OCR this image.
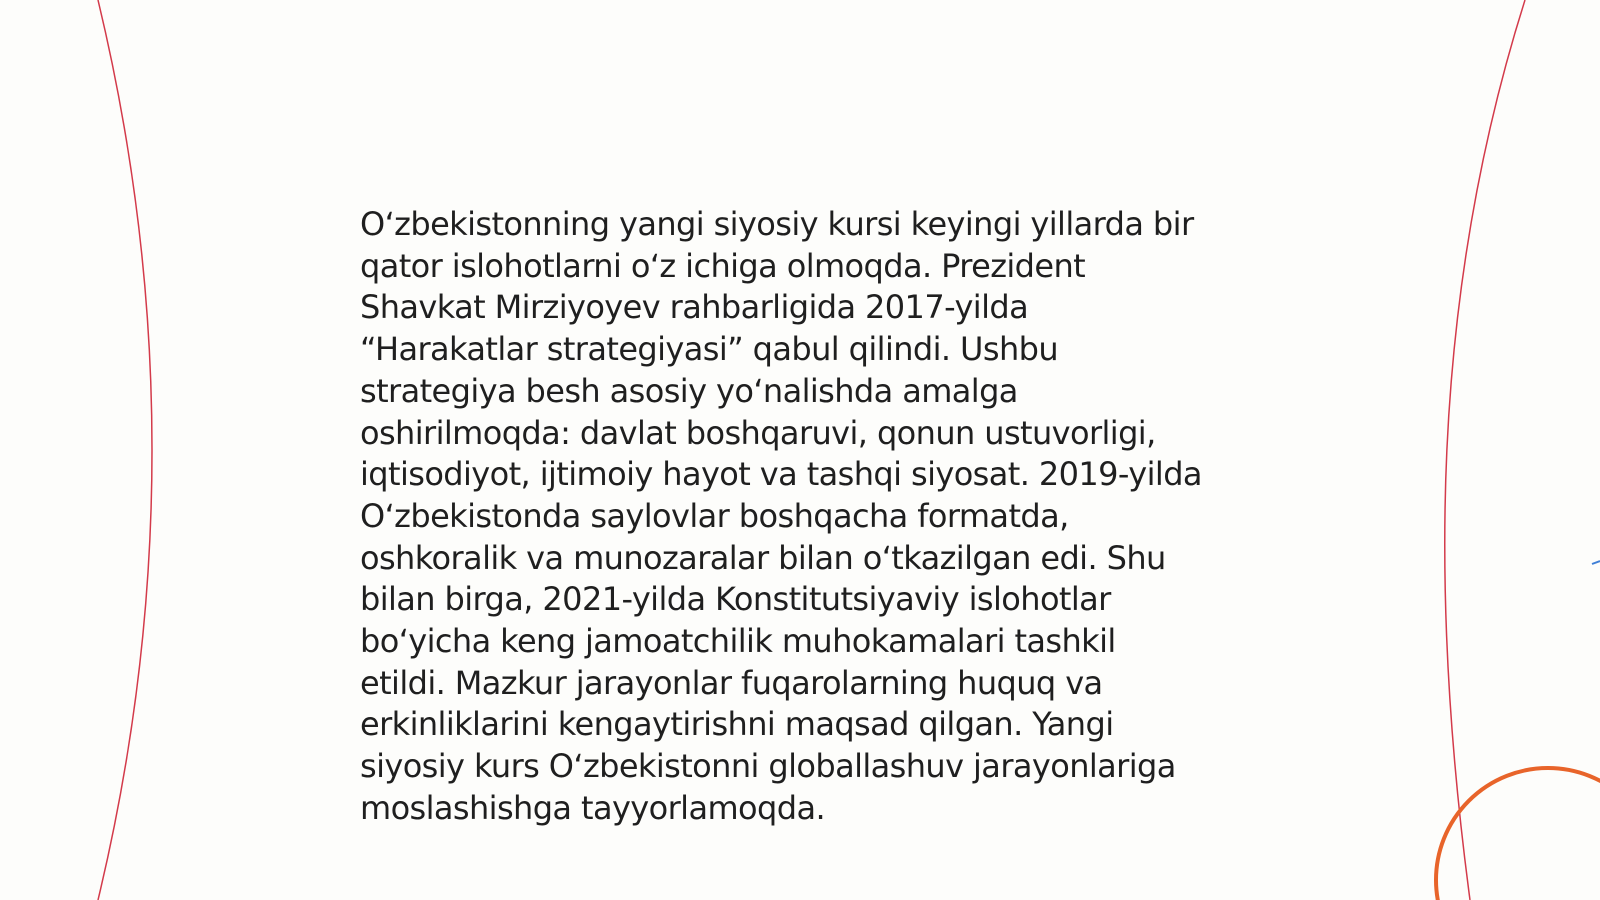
O‘zbekistonning yangi siyosiy kursi keyingi yillarda bir
qator islohotlarni o‘z ichiga olmoqda. Prezident
Shavkat Mirziyoyev rahbarligida 2017-yilda
“Harakatlar strategiyasi” qabul qilindi. Ushbu
strategiya besh asosiy yo‘nalishda amalga
oshirilmoqda: davlat boshqaruvi, qonun ustuvorligi,
iqtisodiyot, ijtimoiy hayot va tashqi siyosat. 2019-yilda
O‘zbekistonda saylovlar boshqacha formatda,
oshkoralik va munozaralar bilan o‘tkazilgan edi. Shu
bilan birga, 2021-yilda Konstitutsiyaviy islohotlar
bo‘yicha keng jamoatchilik muhokamalari tashkil
etildi. Mazkur jarayonlar fuqarolarning huquq va
erkinliklarini kengaytirishni maqsad qilgan. Yangi
siyosiy kurs O‘zbekistonni globallashuv jarayonlariga
moslashishga tayyorlamoqda.
